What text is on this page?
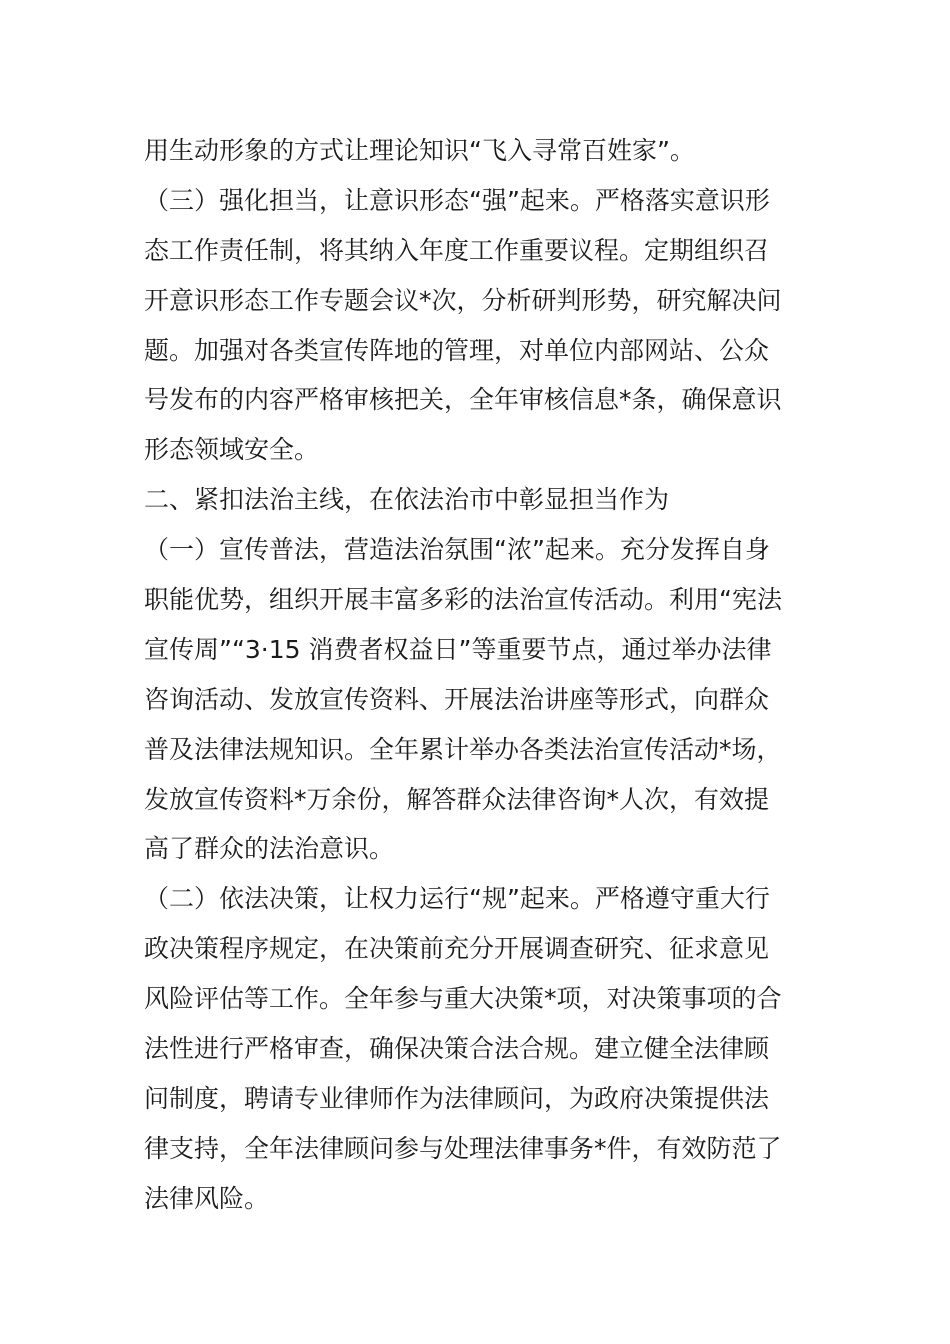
用生动形象的方式让理论知识“飞入寻常百姓家”。
（三）强化担当，让意识形态“强”起来。严格落实意识形
态工作责任制，将其纳入年度工作重要议程。定期组织召
开意识形态工作专题会议*次，分析研判形势，研究解决问
题。加强对各类宣传阵地的管理，对单位内部网站、公众
号发布的内容严格审核把关，全年审核信息*条，确保意识
形态领域安全。
二、紧扣法治主线，在依法治市中彰显担当作为
（一）宣传普法，营造法治氛围“浓”起来。充分发挥自身
职能优势，组织开展丰富多彩的法治宣传活动。利用“宪法
宣传周”“3·15 消费者权益日”等重要节点，通过举办法律
咨询活动、发放宣传资料、开展法治讲座等形式，向群众
普及法律法规知识。全年累计举办各类法治宣传活动*场，
发放宣传资料*万余份，解答群众法律咨询*人次，有效提
高了群众的法治意识。
（二）依法决策，让权力运行“规”起来。严格遵守重大行
政决策程序规定，在决策前充分开展调查研究、征求意见
风险评估等工作。全年参与重大决策*项，对决策事项的合
法性进行严格审查，确保决策合法合规。建立健全法律顾
问制度，聘请专业律师作为法律顾问，为政府决策提供法
律支持，全年法律顾问参与处理法律事务*件，有效防范了
法律风险。
